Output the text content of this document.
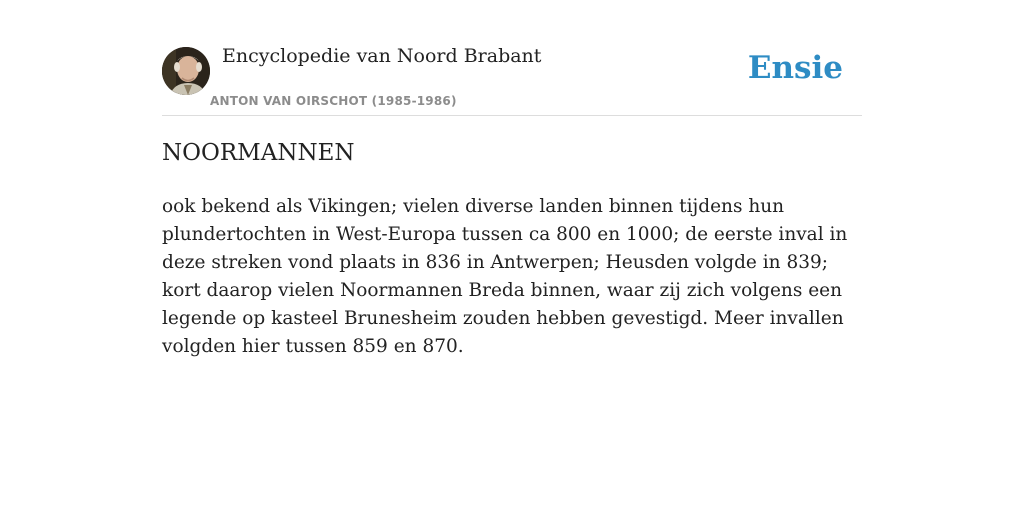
Encyclopedie van Noord Brabant
ANTON VAN OIRSCHOT (1985-1986)
Ensie
NOORMANNEN

ook bekend als Vikingen; vielen diverse landen binnen tijdens hun plundertochten in West-Europa tussen ca 800 en 1000; de eerste inval in deze streken vond plaats in 836 in Antwerpen; Heusden volgde in 839; kort daarop vielen Noormannen Breda binnen, waar zij zich volgens een legende op kasteel Brunesheim zouden hebben gevestigd. Meer invallen volgden hier tussen 859 en 870.
